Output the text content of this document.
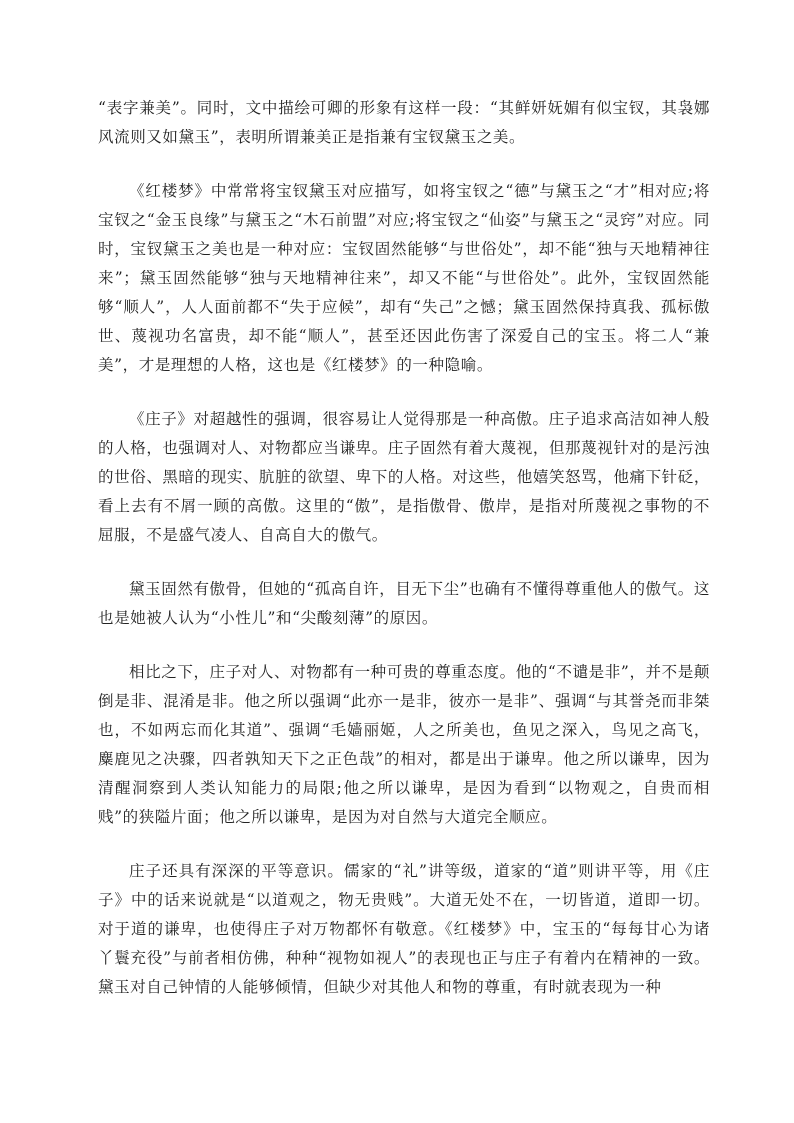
“表字兼美”。同时，文中描绘可卿的形象有这样一段：“其鲜妍妩媚有似宝钗，其袅娜风流则又如黛玉”，表明所谓兼美正是指兼有宝钗黛玉之美。

《红楼梦》中常常将宝钗黛玉对应描写，如将宝钗之“德”与黛玉之“才”相对应;将宝钗之“金玉良缘”与黛玉之“木石前盟”对应;将宝钗之“仙姿”与黛玉之“灵窍”对应。同时，宝钗黛玉之美也是一种对应：宝钗固然能够“与世俗处”，却不能“独与天地精神往来”；黛玉固然能够“独与天地精神往来”，却又不能“与世俗处”。此外，宝钗固然能够“顺人”，人人面前都不“失于应候”，却有“失己”之憾；黛玉固然保持真我、孤标傲世、蔑视功名富贵，却不能“顺人”，甚至还因此伤害了深爱自己的宝玉。将二人“兼美”，才是理想的人格，这也是《红楼梦》的一种隐喻。

《庄子》对超越性的强调，很容易让人觉得那是一种高傲。庄子追求高洁如神人般的人格，也强调对人、对物都应当谦卑。庄子固然有着大蔑视，但那蔑视针对的是污浊的世俗、黑暗的现实、肮脏的欲望、卑下的人格。对这些，他嬉笑怒骂，他痛下针砭，看上去有不屑一顾的高傲。这里的“傲”，是指傲骨、傲岸，是指对所蔑视之事物的不屈服，不是盛气凌人、自高自大的傲气。

黛玉固然有傲骨，但她的“孤高自许，目无下尘”也确有不懂得尊重他人的傲气。这也是她被人认为“小性儿”和“尖酸刻薄”的原因。

相比之下，庄子对人、对物都有一种可贵的尊重态度。他的“不谴是非”，并不是颠倒是非、混淆是非。他之所以强调“此亦一是非，彼亦一是非”、强调“与其誉尧而非桀也，不如两忘而化其道”、强调“毛嫱丽姬，人之所美也，鱼见之深入，鸟见之高飞，麋鹿见之决骤，四者孰知天下之正色哉”的相对，都是出于谦卑。他之所以谦卑，因为清醒洞察到人类认知能力的局限;他之所以谦卑，是因为看到“以物观之，自贵而相贱”的狭隘片面；他之所以谦卑，是因为对自然与大道完全顺应。

庄子还具有深深的平等意识。儒家的“礼”讲等级，道家的“道”则讲平等，用《庄子》中的话来说就是“以道观之，物无贵贱”。大道无处不在，一切皆道，道即一切。对于道的谦卑，也使得庄子对万物都怀有敬意。《红楼梦》中，宝玉的“每每甘心为诸丫鬟充役”与前者相仿佛，种种“视物如视人”的表现也正与庄子有着内在精神的一致。黛玉对自己钟情的人能够倾情，但缺少对其他人和物的尊重，有时就表现为一种
